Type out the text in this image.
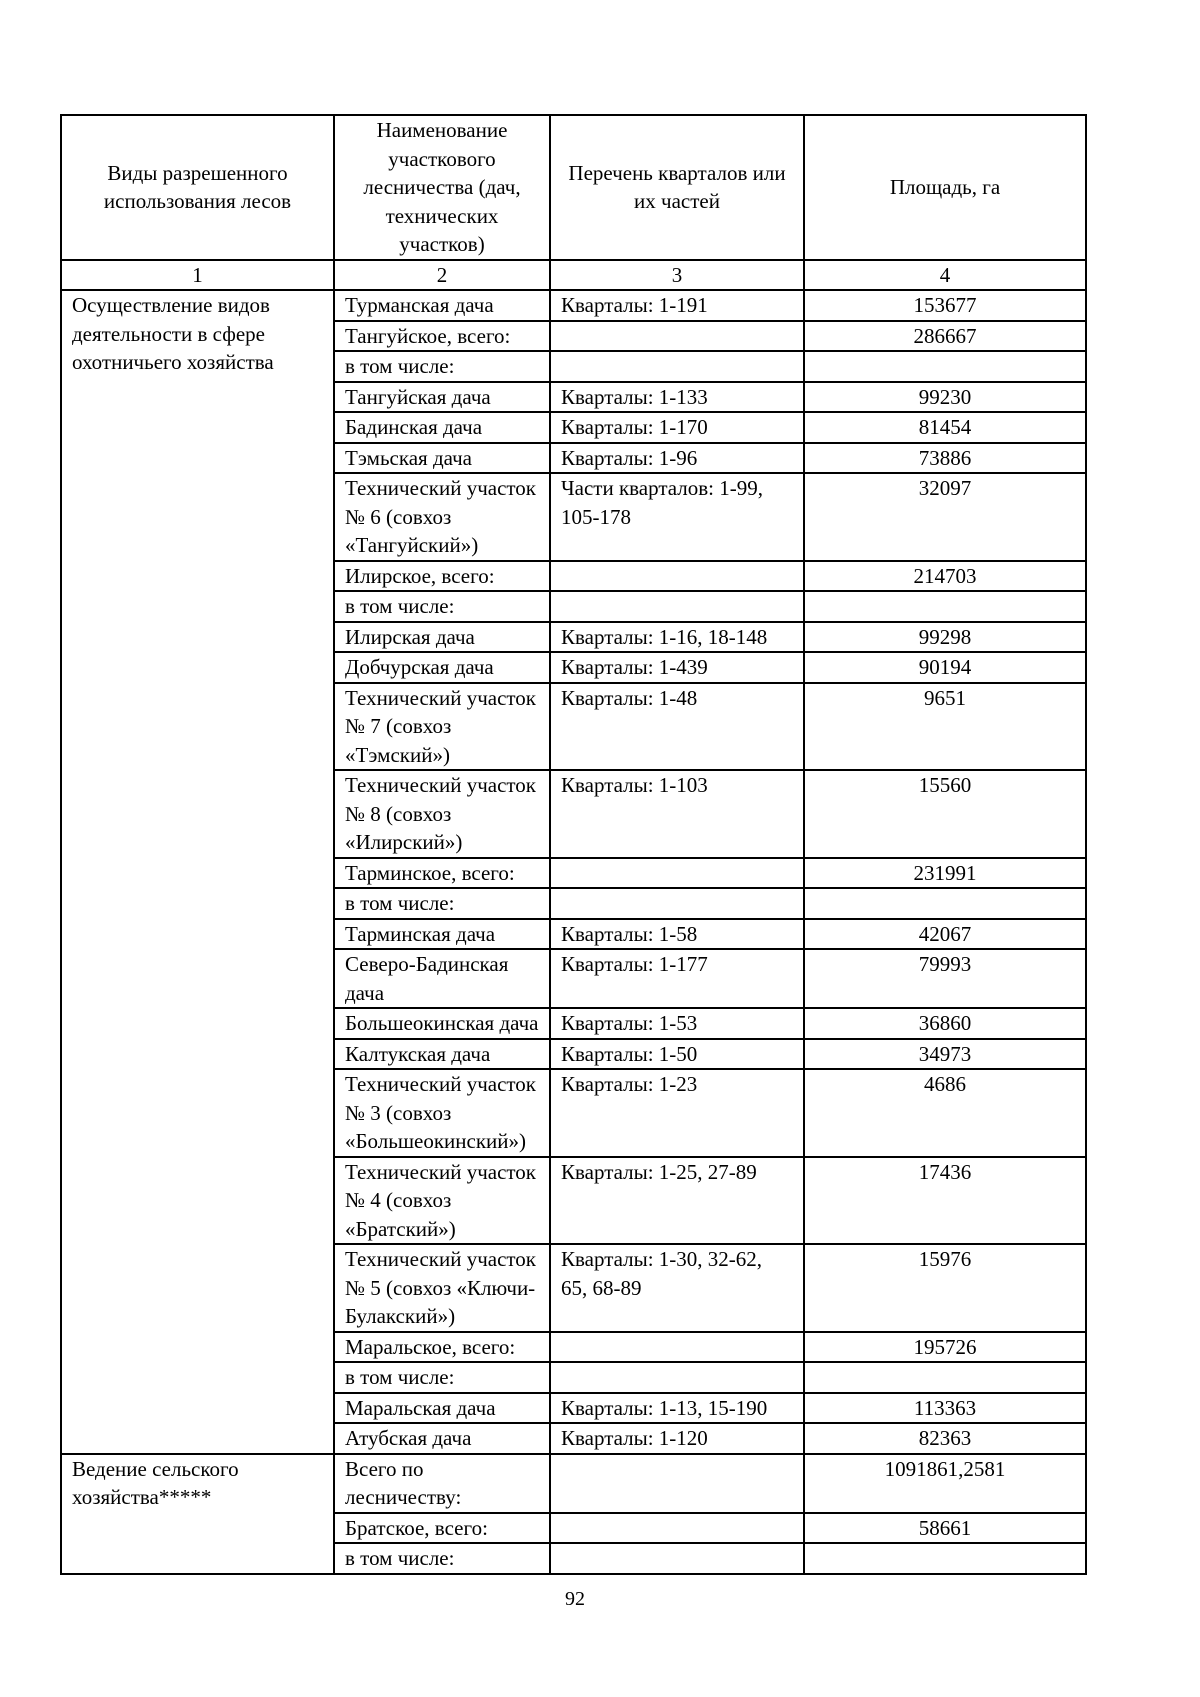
Виды разрешенного использования лесов	Наименование участкового лесничества (дач, технических участков)	Перечень кварталов или их частей	Площадь, га
1	2	3	4
Осуществление видов деятельности в сфере охотничьего хозяйства	Турманская дача	Кварталы: 1-191	153677
	Тангуйское, всего:		286667
	в том числе:		
	Тангуйская дача	Кварталы: 1-133	99230
	Бадинская дача	Кварталы: 1-170	81454
	Тэмьская дача	Кварталы: 1-96	73886
	Технический участок № 6 (совхоз «Тангуйский»)	Части кварталов: 1-99, 105-178	32097
	Илирское, всего:		214703
	в том числе:		
	Илирская дача	Кварталы: 1-16, 18-148	99298
	Добчурская дача	Кварталы: 1-439	90194
	Технический участок № 7 (совхоз «Тэмский»)	Кварталы: 1-48	9651
	Технический участок № 8 (совхоз «Илирский»)	Кварталы: 1-103	15560
	Тарминское, всего:		231991
	в том числе:		
	Тарминская дача	Кварталы: 1-58	42067
	Северо-Бадинская дача	Кварталы: 1-177	79993
	Большеокинская дача	Кварталы: 1-53	36860
	Калтукская дача	Кварталы: 1-50	34973
	Технический участок № 3 (совхоз «Большеокинский»)	Кварталы: 1-23	4686
	Технический участок № 4 (совхоз «Братский»)	Кварталы: 1-25, 27-89	17436
	Технический участок № 5 (совхоз «Ключи-Булакский»)	Кварталы: 1-30, 32-62, 65, 68-89	15976
	Маральское, всего:		195726
	в том числе:		
	Маральская дача	Кварталы: 1-13, 15-190	113363
	Атубская дача	Кварталы: 1-120	82363
Ведение сельского хозяйства*****	Всего по лесничеству:		1091861,2581
	Братское, всего:		58661
	в том числе:		
92
